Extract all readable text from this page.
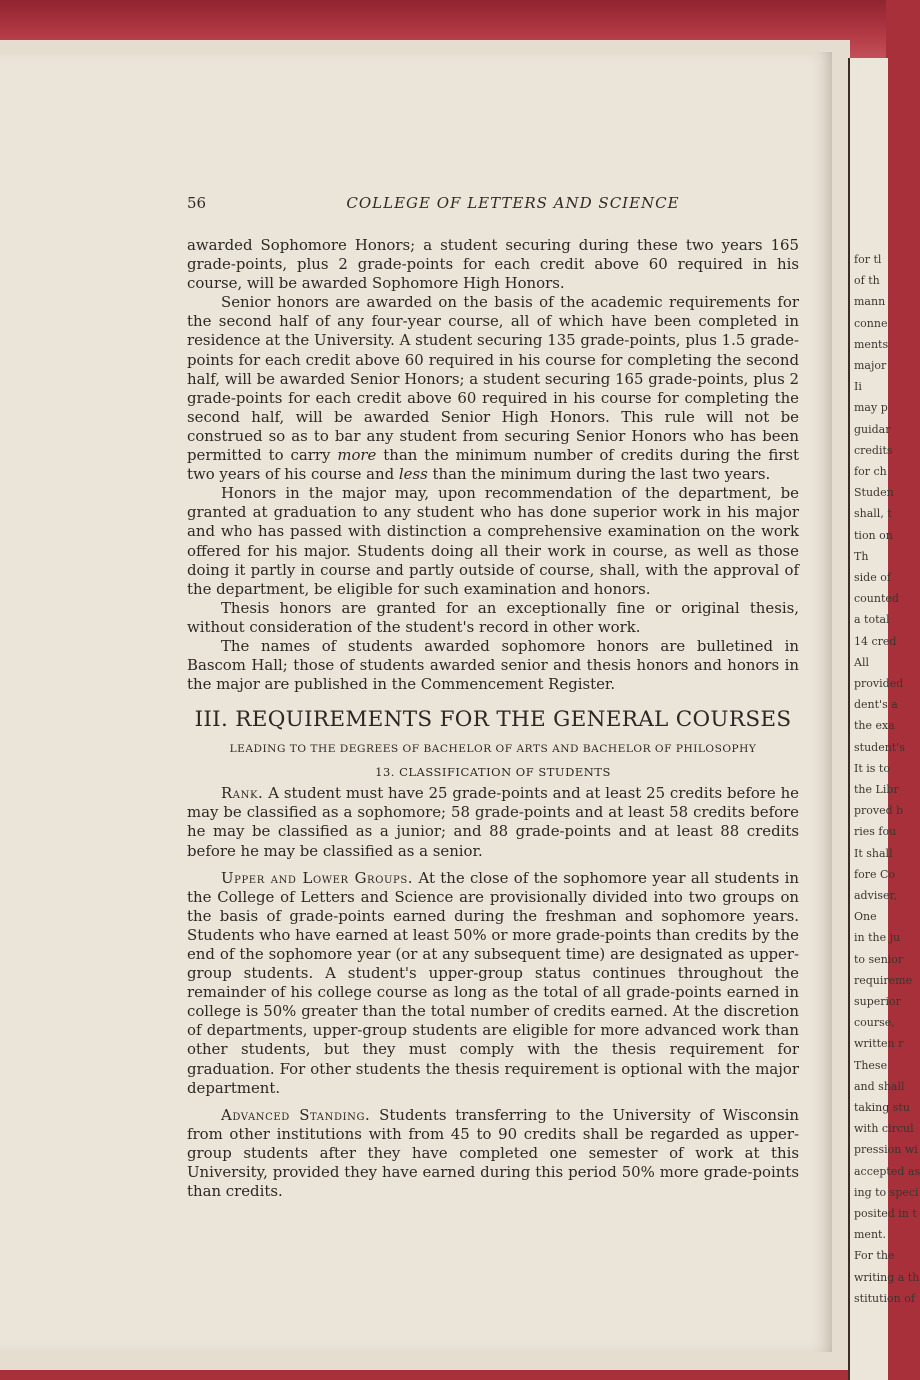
56	COLLEGE OF LETTERS AND SCIENCE

awarded Sophomore Honors; a student securing during these two years 165 grade-points, plus 2 grade-points for each credit above 60 required in his course, will be awarded Sophomore High Honors.

Senior honors are awarded on the basis of the academic requirements for the second half of any four-year course, all of which have been completed in residence at the University. A student securing 135 grade-points, plus 1.5 grade-points for each credit above 60 required in his course for completing the second half, will be awarded Senior Honors; a student securing 165 grade-points, plus 2 grade-points for each credit above 60 required in his course for completing the second half, will be awarded Senior High Honors. This rule will not be construed so as to bar any student from securing Senior Honors who has been permitted to carry more than the minimum number of credits during the first two years of his course and less than the minimum during the last two years.

Honors in the major may, upon recommendation of the department, be granted at graduation to any student who has done superior work in his major and who has passed with distinction a comprehensive examination on the work offered for his major. Students doing all their work in course, as well as those doing it partly in course and partly outside of course, shall, with the approval of the department, be eligible for such examination and honors.

Thesis honors are granted for an exceptionally fine or original thesis, without consideration of the student's record in other work.

The names of students awarded sophomore honors are bulletined in Bascom Hall; those of students awarded senior and thesis honors and honors in the major are published in the Commencement Register.

III. REQUIREMENTS FOR THE GENERAL COURSES
LEADING TO THE DEGREES OF BACHELOR OF ARTS AND BACHELOR OF PHILOSOPHY
13. CLASSIFICATION OF STUDENTS

Rank. A student must have 25 grade-points and at least 25 credits before he may be classified as a sophomore; 58 grade-points and at least 58 credits before he may be classified as a junior; and 88 grade-points and at least 88 credits before he may be classified as a senior.

Upper and Lower Groups. At the close of the sophomore year all students in the College of Letters and Science are provisionally divided into two groups on the basis of grade-points earned during the freshman and sophomore years. Students who have earned at least 50% or more grade-points than credits by the end of the sophomore year (or at any subsequent time) are designated as upper-group students. A student's upper-group status continues throughout the remainder of his college course as long as the total of all grade-points earned in college is 50% greater than the total number of credits earned. At the discretion of departments, upper-group students are eligible for more advanced work than other students, but they must comply with the thesis requirement for graduation. For other students the thesis requirement is optional with the major department.

Advanced Standing. Students transferring to the University of Wisconsin from other institutions with from 45 to 90 credits shall be regarded as upper-group students after they have completed one semester of work at this University, provided they have earned during this period 50% more grade-points than credits.

for tl
of th
mann
conne
ments
major
Ii
may p
guidar
credits
for ch
Studen
shall, t
tion on
Th
side of
counted
a total
14 cred
All
provided
dent's a
the exa
student's
It is to
the Libr
proved b
ries fou
It shall
fore Co
adviser,
One
in the ju
to senior
requireme
superior
course,
written r
These
and shall
taking stu
with circul
pression wi
accepted as
ing to speci
posited in t
ment.
For the
writing a th
stitution of
